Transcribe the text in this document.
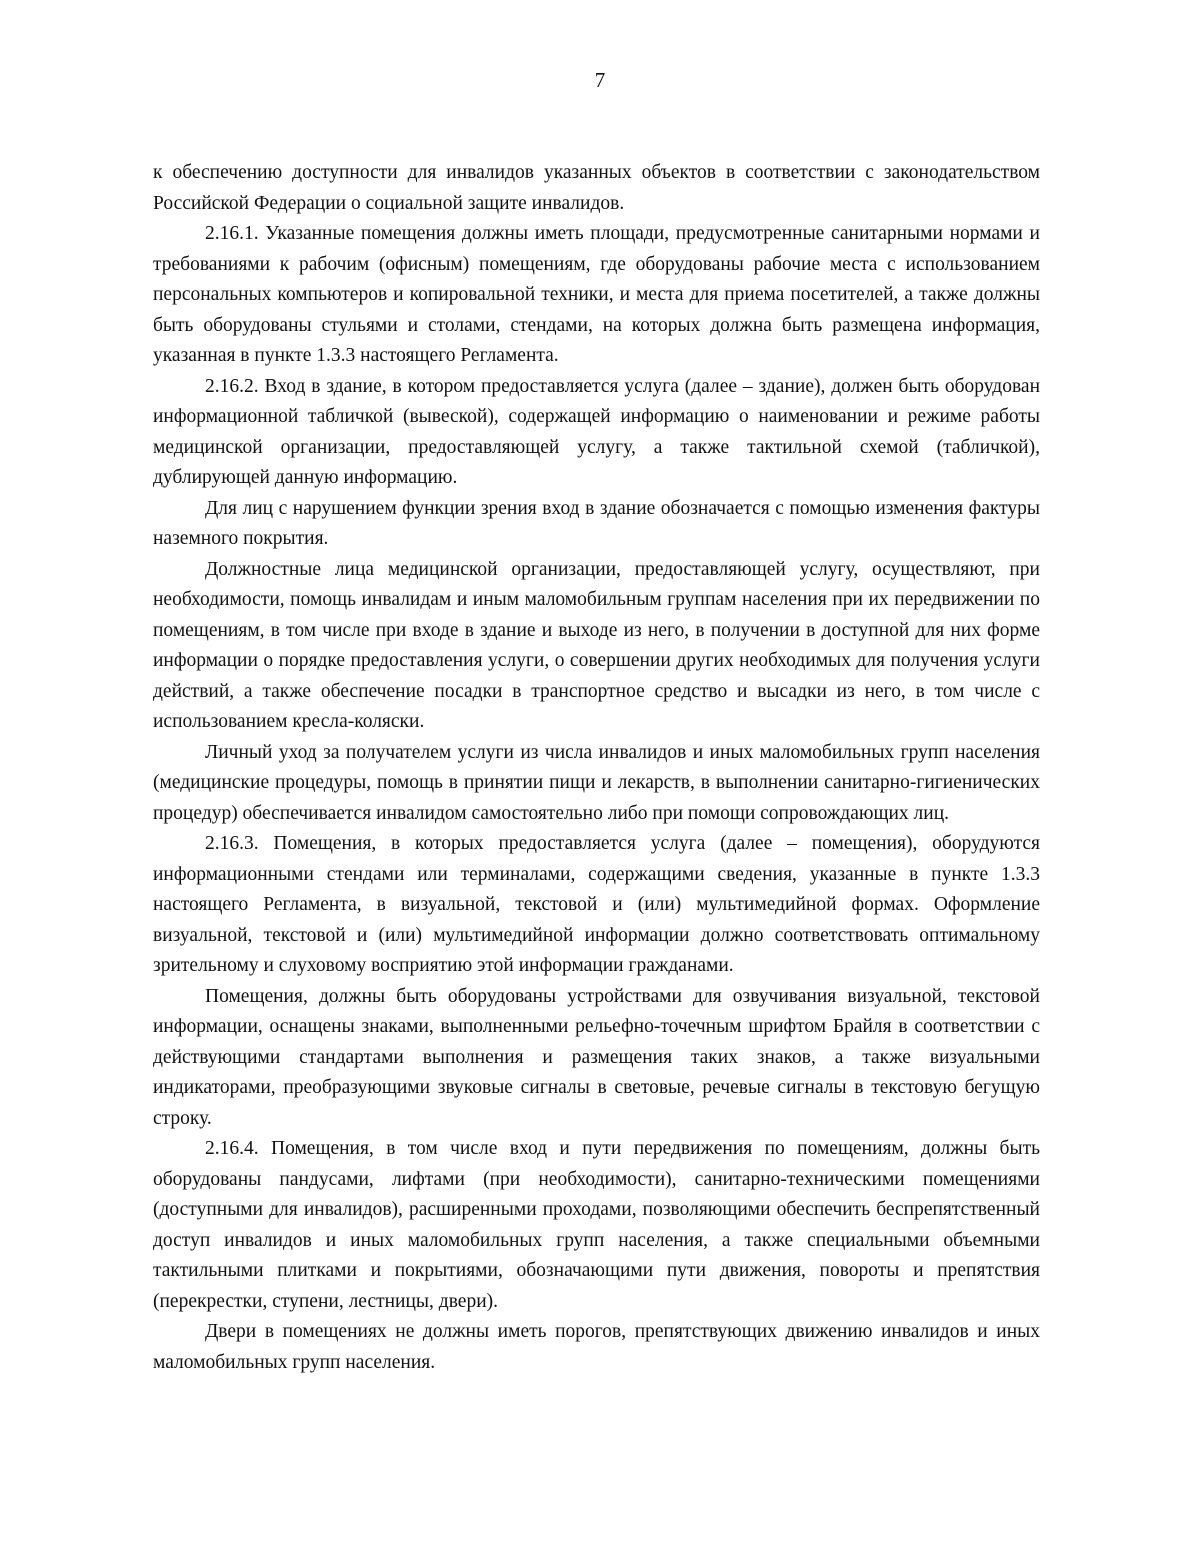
7

к обеспечению доступности для инвалидов указанных объектов в соответствии с законодательством Российской Федерации о социальной защите инвалидов.

2.16.1. Указанные помещения должны иметь площади, предусмотренные санитарными нормами и требованиями к рабочим (офисным) помещениям, где оборудованы рабочие места с использованием персональных компьютеров и копировальной техники, и места для приема посетителей, а также должны быть оборудованы стульями и столами, стендами, на которых должна быть размещена информация, указанная в пункте 1.3.3 настоящего Регламента.

2.16.2. Вход в здание, в котором предоставляется услуга (далее – здание), должен быть оборудован информационной табличкой (вывеской), содержащей информацию о наименовании и режиме работы медицинской организации, предоставляющей услугу, а также тактильной схемой (табличкой), дублирующей данную информацию.

Для лиц с нарушением функции зрения вход в здание обозначается с помощью изменения фактуры наземного покрытия.

Должностные лица медицинской организации, предоставляющей услугу, осуществляют, при необходимости, помощь инвалидам и иным маломобильным группам населения при их передвижении по помещениям, в том числе при входе в здание и выходе из него, в получении в доступной для них форме информации о порядке предоставления услуги, о совершении других необходимых для получения услуги действий, а также обеспечение посадки в транспортное средство и высадки из него, в том числе с использованием кресла-коляски.

Личный уход за получателем услуги из числа инвалидов и иных маломобильных групп населения (медицинские процедуры, помощь в принятии пищи и лекарств, в выполнении санитарно-гигиенических процедур) обеспечивается инвалидом самостоятельно либо при помощи сопровождающих лиц.

2.16.3. Помещения, в которых предоставляется услуга (далее – помещения), оборудуются информационными стендами или терминалами, содержащими сведения, указанные в пункте 1.3.3 настоящего Регламента, в визуальной, текстовой и (или) мультимедийной формах. Оформление визуальной, текстовой и (или) мультимедийной информации должно соответствовать оптимальному зрительному и слуховому восприятию этой информации гражданами.

Помещения, должны быть оборудованы устройствами для озвучивания визуальной, текстовой информации, оснащены знаками, выполненными рельефно-точечным шрифтом Брайля в соответствии с действующими стандартами выполнения и размещения таких знаков, а также визуальными индикаторами, преобразующими звуковые сигналы в световые, речевые сигналы в текстовую бегущую строку.

2.16.4. Помещения, в том числе вход и пути передвижения по помещениям, должны быть оборудованы пандусами, лифтами (при необходимости), санитарно-техническими помещениями (доступными для инвалидов), расширенными проходами, позволяющими обеспечить беспрепятственный доступ инвалидов и иных маломобильных групп населения, а также специальными объемными тактильными плитками и покрытиями, обозначающими пути движения, повороты и препятствия (перекрестки, ступени, лестницы, двери).

Двери в помещениях не должны иметь порогов, препятствующих движению инвалидов и иных маломобильных групп населения.
